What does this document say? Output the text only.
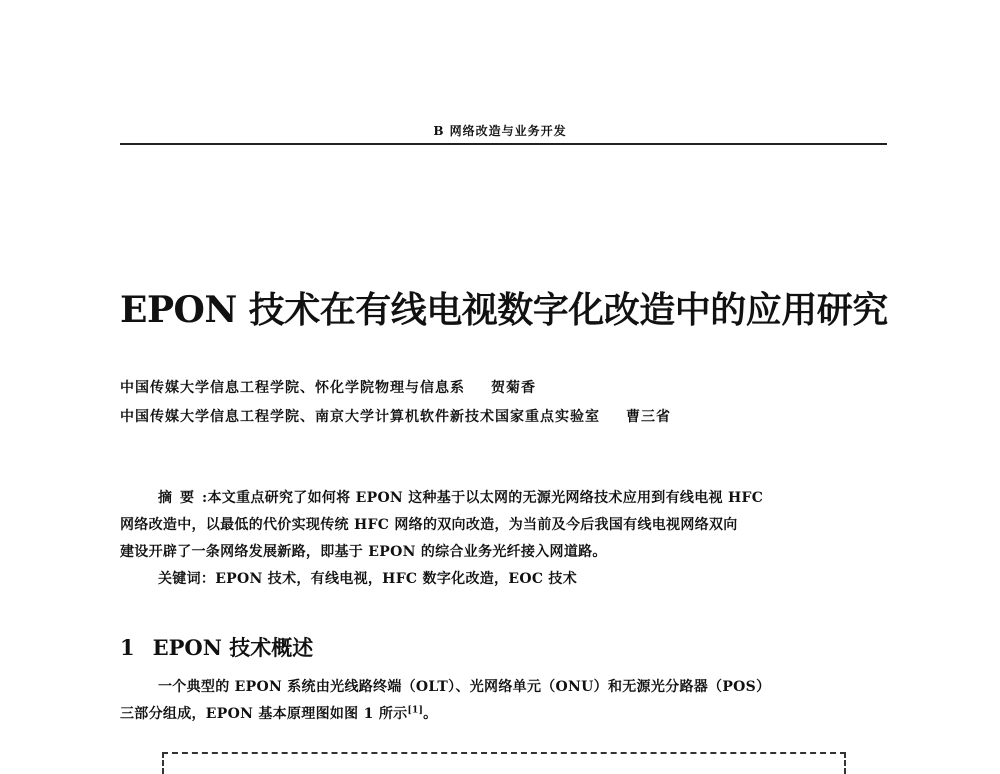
B 网络改造与业务开发
EPON 技术在有线电视数字化改造中的应用研究
中国传媒大学信息工程学院、怀化学院物理与信息系 贺菊香
中国传媒大学信息工程学院、南京大学计算机软件新技术国家重点实验室 曹三省
摘要:本文重点研究了如何将 EPON 这种基于以太网的无源光网络技术应用到有线电视 HFC
网络改造中，以最低的代价实现传统 HFC 网络的双向改造，为当前及今后我国有线电视网络双向
建设开辟了一条网络发展新路，即基于 EPON 的综合业务光纤接入网道路。
关键词：EPON 技术，有线电视，HFC 数字化改造，EOC 技术
1 EPON 技术概述
一个典型的 EPON 系统由光线路终端（OLT）、光网络单元（ONU）和无源光分路器（POS）
三部分组成，EPON 基本原理图如图 1 所示[1]。
